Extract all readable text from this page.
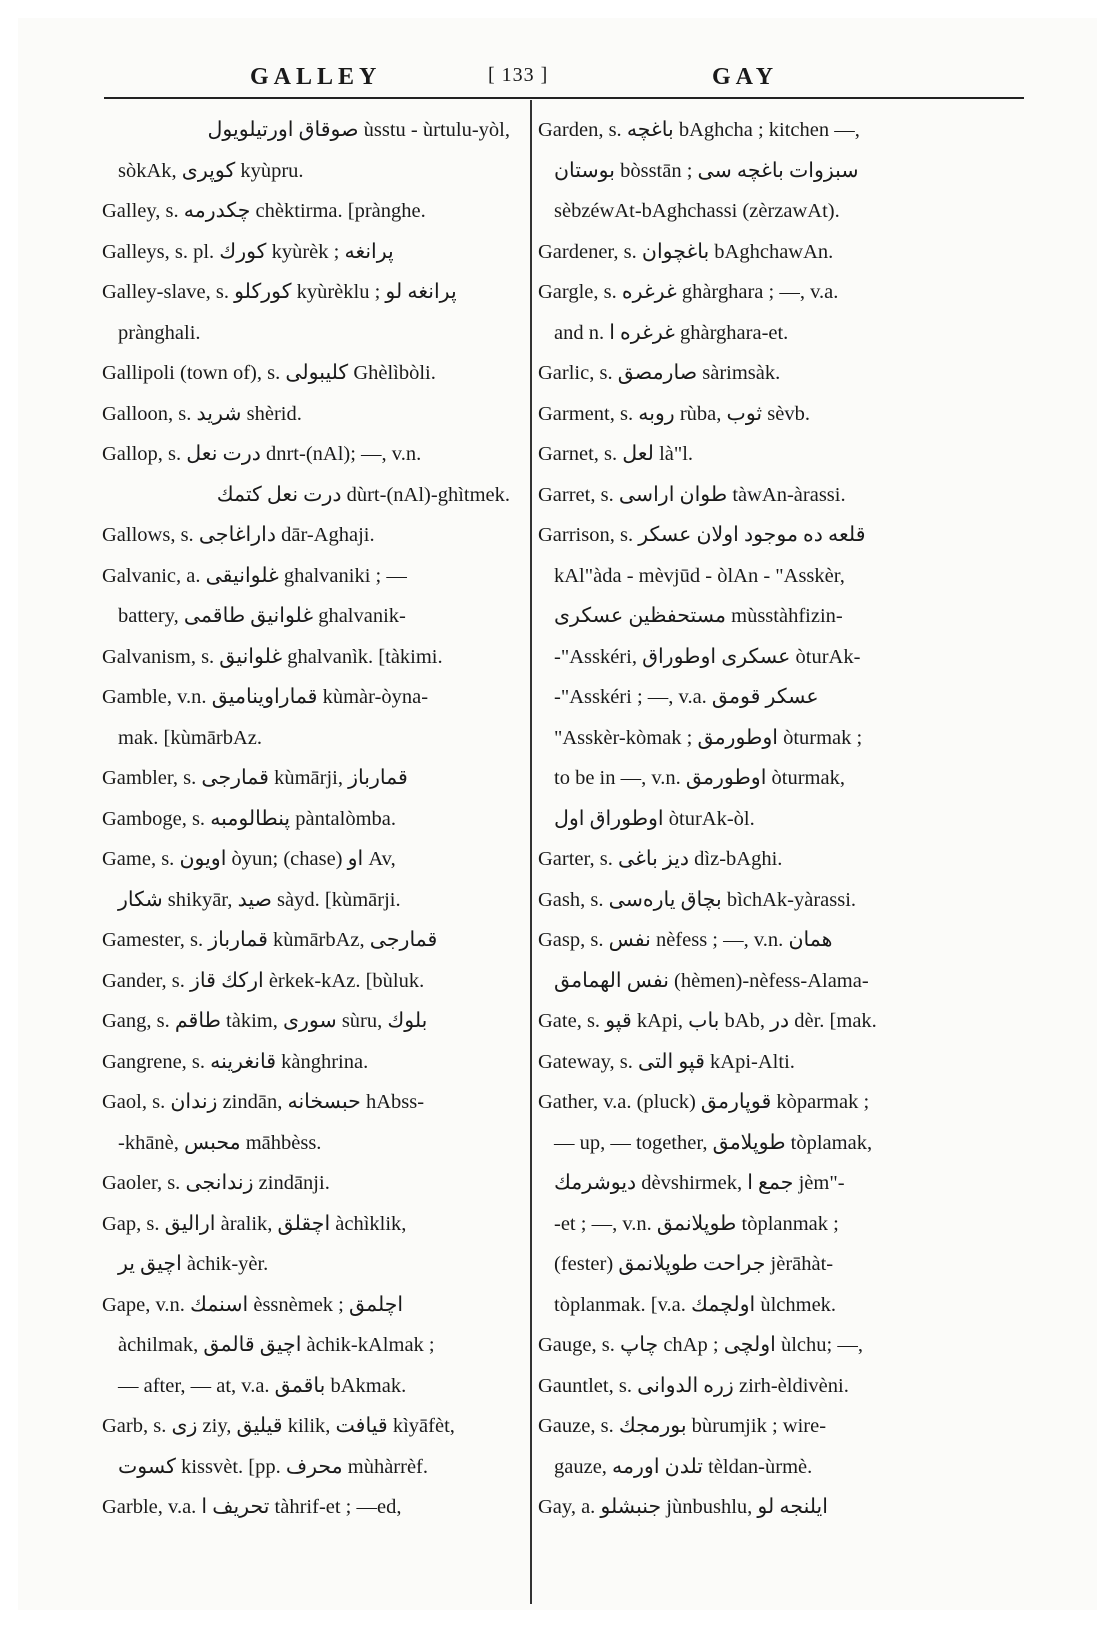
GALLEY	[ 133 ]	GAY
صوقاق اورتيلويول ùsstu - ùrtulu-yòl,
sòkAk, كوپرى kyùpru.
Galley, s. چكدرمه chèktirma. [prànghe.
Galleys, s. pl. كورك kyùrèk ; پرانغه
Galley-slave, s. كوركلو kyùrèklu ; پرانغه لو
prànghali.
Gallipoli (town of), s. كليبولى Ghèlìbòli.
Galloon, s. شريد shèrid.
Gallop, s. درت نعل dnrt-(nAl); —, v.n.
درت نعل كتمك dùrt-(nAl)-ghìtmek.
Gallows, s. داراغاجى dār-Aghaji.
Galvanic, a. غلوانيقى ghalvaniki ; —
battery, غلوانيق طاقمى ghalvanik-
Galvanism, s. غلوانيق ghalvanìk. [tàkimi.
Gamble, v.n. قماراويناميق kùmàr-òyna-
mak. [kùmārbAz.
Gambler, s. قمارجى kùmārji, قمارباز
Gamboge, s. پنطالومبه pàntalòmba.
Game, s. اويون òyun; (chase) او Av,
شكار shikyār, صيد sàyd. [kùmārji.
Gamester, s. قمارباز kùmārbAz, قمارجى
Gander, s. اركك قاز èrkek-kAz. [bùluk.
Gang, s. طاقم tàkim, سورى sùru, بلوك
Gangrene, s. قانغرينه kànghrina.
Gaol, s. زندان zindān, حبسخانه hAbss-
-khānè, محبس māhbèss.
Gaoler, s. زندانجى zindānji.
Gap, s. اراليق àralik, اچقلق àchìklik,
اچيق ير àchik-yèr.
Gape, v.n. اسنمك èssnèmek ; اچلمق
àchilmak, اچيق قالمق àchik-kAlmak ;
— after, — at, v.a. باقمق bAkmak.
Garb, s. زى ziy, قيليق kilik, قيافت kìyāfèt,
كسوت kissvèt. [pp. محرف mùhàrrèf.
Garble, v.a. تحريف ا tàhrif-et ; —ed,
Garden, s. باغچه bAghcha ; kitchen —,
بوستان bòsstān ; سبزوات باغچه سى
sèbzéwAt-bAghchassi (zèrzawAt).
Gardener, s. باغچوان bAghchawAn.
Gargle, s. غرغره ghàrghara ; —, v.a.
and n. غرغره ا ghàrghara-et.
Garlic, s. صارمصق sàrimsàk.
Garment, s. روبه rùba, ثوب sèvb.
Garnet, s. لعل là"l.
Garret, s. طوان اراسى tàwAn-àrassi.
Garrison, s. قلعه ده موجود اولان عسكر
kAl"àda - mèvjūd - òlAn - "Asskèr,
مستحفظين عسكرى mùsstàhfizin-
-"Asskéri, عسكرى اوطوراق òturAk-
-"Asskéri ; —, v.a. عسكر قومق
"Asskèr-kòmak ; اوطورمق òturmak ;
to be in —, v.n. اوطورمق òturmak,
اوطوراق اول òturAk-òl.
Garter, s. ديز باغى dìz-bAghi.
Gash, s. بچاق يارەسى bìchAk-yàrassi.
Gasp, s. نفس nèfess ; —, v.n. همان
نفس الهمامق (hèmen)-nèfess-Alama-
Gate, s. قپو kApi, باب bAb, در dèr. [mak.
Gateway, s. قپو التى kApi-Alti.
Gather, v.a. (pluck) قوپارمق kòparmak ;
— up, — together, طوپلامق tòplamak,
ديوشرمك dèvshirmek, جمع ا jèm"-
-et ; —, v.n. طوپلانمق tòplanmak ;
(fester) جراحت طوپلانمق jèrāhàt-
tòplanmak. [v.a. اولچمك ùlchmek.
Gauge, s. چاپ chAp ; اولچى ùlchu; —,
Gauntlet, s. زره الدوانى zirh-èldivèni.
Gauze, s. بورمجك bùrumjik ; wire-
gauze, تلدن اورمه tèldan-ùrmè.
Gay, a. جنبشلو jùnbushlu, ايلنجه لو
